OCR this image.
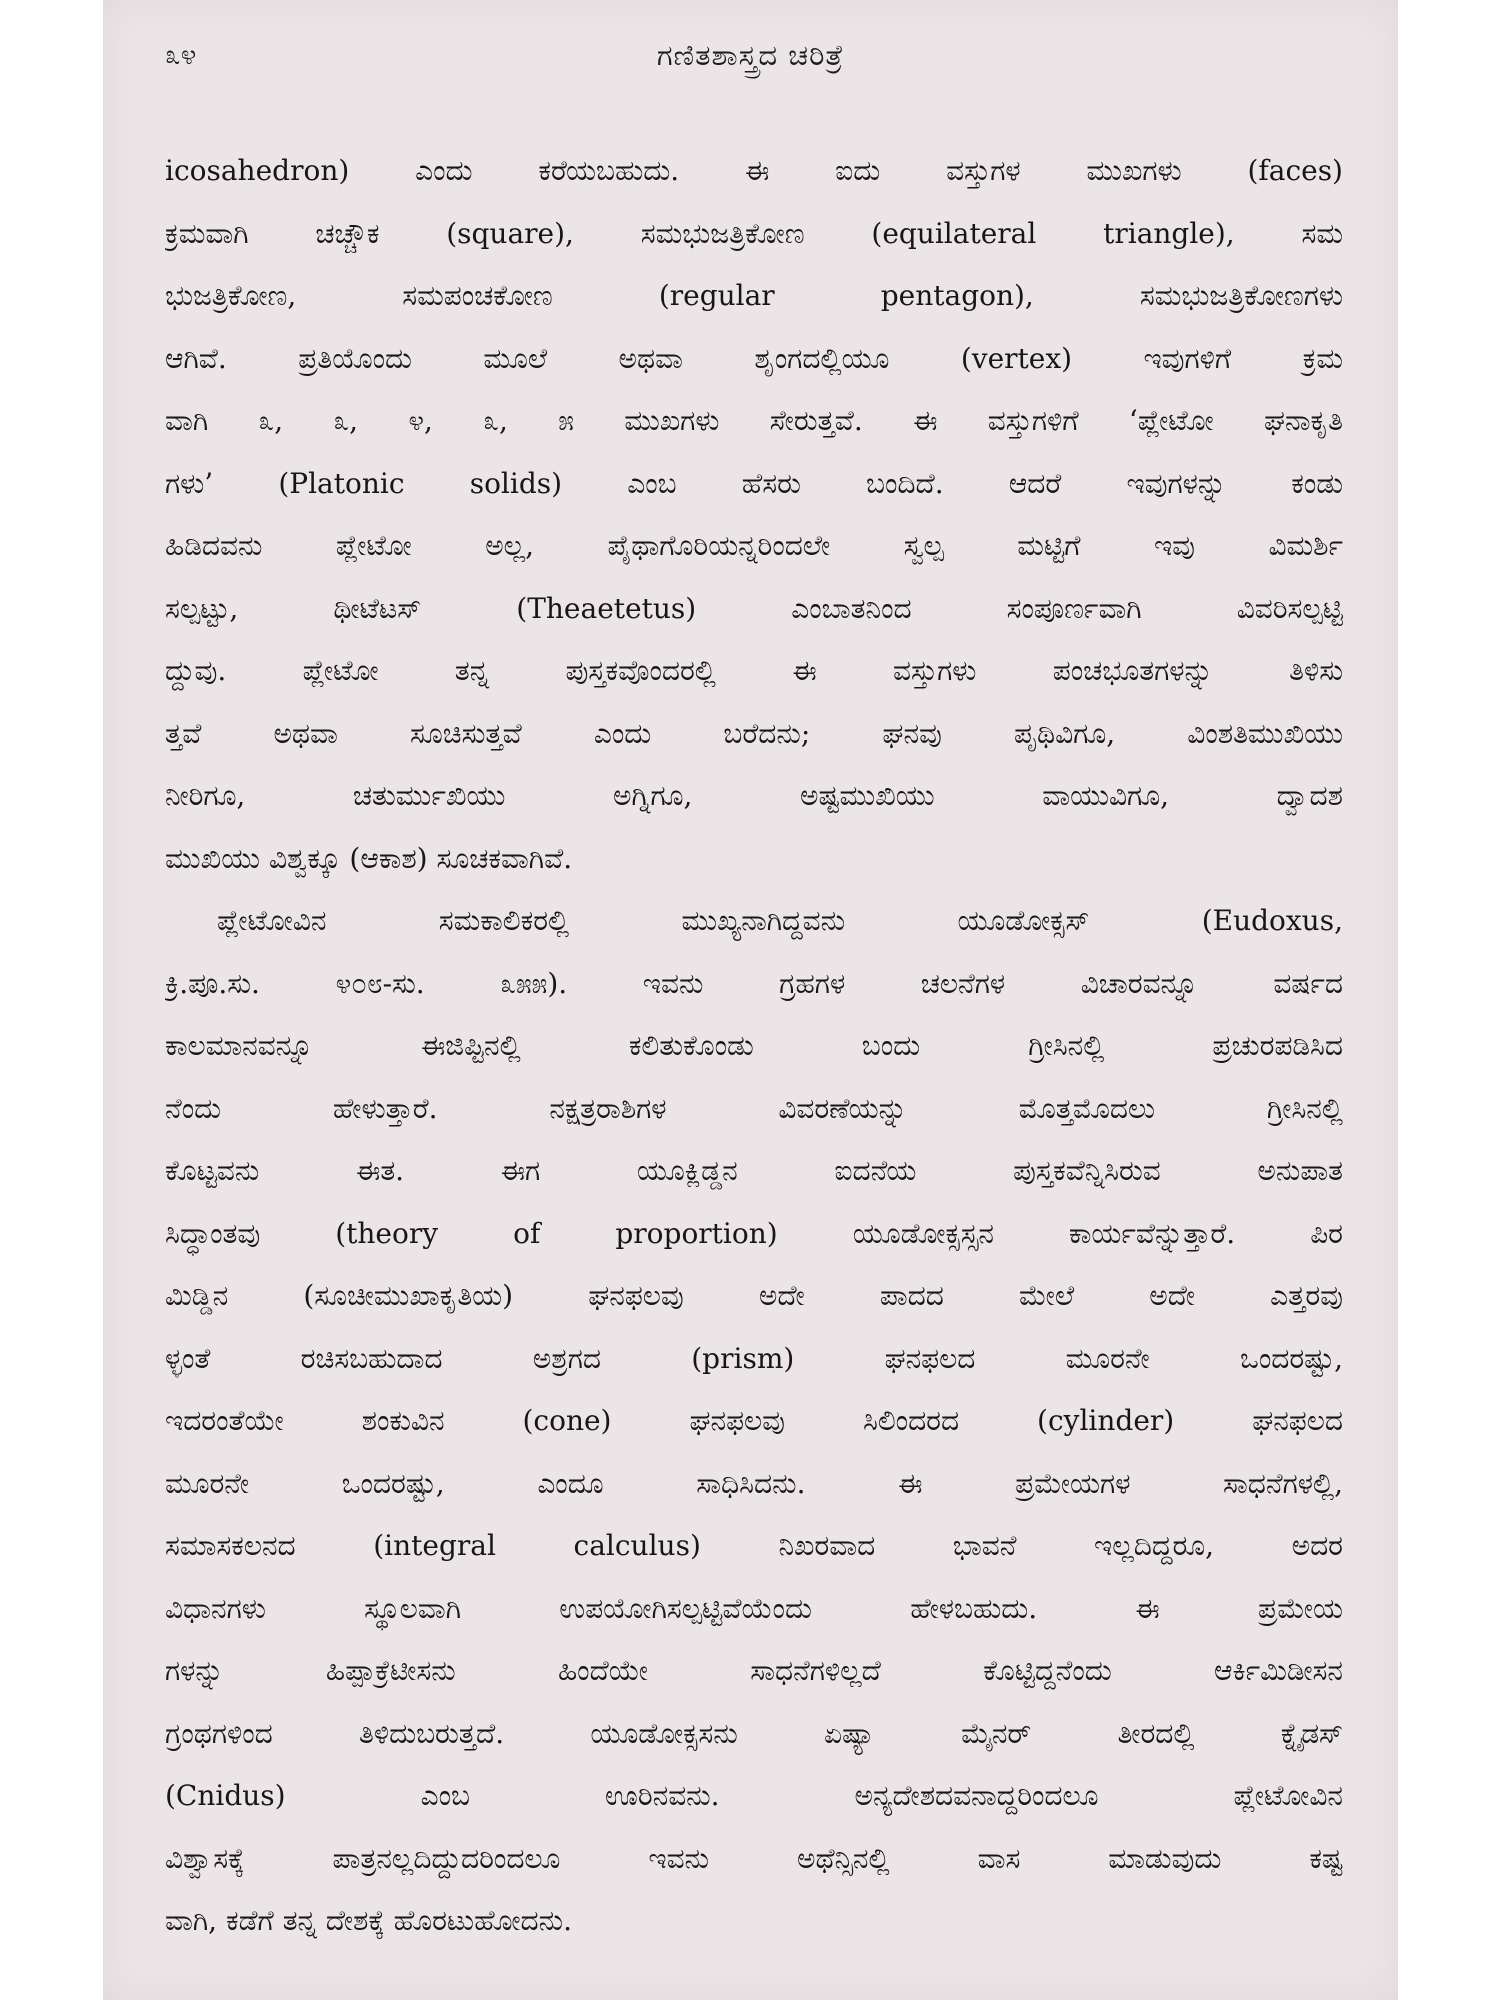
೩೪	ಗಣಿತಶಾಸ್ತ್ರದ ಚರಿತ್ರೆ
icosahedron) ಎಂದು ಕರೆಯಬಹುದು. ಈ ಐದು ವಸ್ತುಗಳ ಮುಖಗಳು (faces)
ಕ್ರಮವಾಗಿ ಚಚ್ಚೌಕ (square), ಸಮಭುಜತ್ರಿಕೋಣ (equilateral triangle), ಸಮ
ಭುಜತ್ರಿಕೋಣ, ಸಮಪಂಚಕೋಣ (regular pentagon), ಸಮಭುಜತ್ರಿಕೋಣಗಳು
ಆಗಿವೆ. ಪ್ರತಿಯೊಂದು ಮೂಲೆ ಅಥವಾ ಶೃಂಗದಲ್ಲಿಯೂ (vertex) ಇವುಗಳಿಗೆ ಕ್ರಮ
ವಾಗಿ ೩, ೩, ೪, ೩, ೫ ಮುಖಗಳು ಸೇರುತ್ತವೆ. ಈ ವಸ್ತುಗಳಿಗೆ ‘ಪ್ಲೇಟೋ ಘನಾಕೃತಿ
ಗಳು’ (Platonic solids) ಎಂಬ ಹೆಸರು ಬಂದಿದೆ. ಆದರೆ ಇವುಗಳನ್ನು ಕಂಡು
ಹಿಡಿದವನು ಪ್ಲೇಟೋ ಅಲ್ಲ, ಪೈಥಾಗೊರಿಯನ್ನರಿಂದಲೇ ಸ್ವಲ್ಪ ಮಟ್ಟಿಗೆ ಇವು ವಿಮರ್ಶಿ
ಸಲ್ಪಟ್ಟು, ಥೀಟೆಟಸ್ (Theaetetus) ಎಂಬಾತನಿಂದ ಸಂಪೂರ್ಣವಾಗಿ ವಿವರಿಸಲ್ಪಟ್ಟಿ
ದ್ದುವು. ಪ್ಲೇಟೋ ತನ್ನ ಪುಸ್ತಕವೊಂದರಲ್ಲಿ ಈ ವಸ್ತುಗಳು ಪಂಚಭೂತಗಳನ್ನು ತಿಳಿಸು
ತ್ತವೆ ಅಥವಾ ಸೂಚಿಸುತ್ತವೆ ಎಂದು ಬರೆದನು; ಘನವು ಪೃಥಿವಿಗೂ, ವಿಂಶತಿಮುಖಿಯು
ನೀರಿಗೂ, ಚತುರ್ಮುಖಿಯು ಅಗ್ನಿಗೂ, ಅಷ್ಟಮುಖಿಯು ವಾಯುವಿಗೂ, ದ್ವಾದಶ
ಮುಖಿಯು ವಿಶ್ವಕ್ಕೂ (ಆಕಾಶ) ಸೂಚಕವಾಗಿವೆ.
ಪ್ಲೇಟೋವಿನ ಸಮಕಾಲಿಕರಲ್ಲಿ ಮುಖ್ಯನಾಗಿದ್ದವನು ಯೂಡೋಕ್ಸಸ್ (Eudoxus,
ಕ್ರಿ.ಪೂ.ಸು. ೪೦೮-ಸು. ೩೫೫). ಇವನು ಗ್ರಹಗಳ ಚಲನೆಗಳ ವಿಚಾರವನ್ನೂ ವರ್ಷದ
ಕಾಲಮಾನವನ್ನೂ ಈಜಿಪ್ಟಿನಲ್ಲಿ ಕಲಿತುಕೊಂಡು ಬಂದು ಗ್ರೀಸಿನಲ್ಲಿ ಪ್ರಚುರಪಡಿಸಿದ
ನೆಂದು ಹೇಳುತ್ತಾರೆ. ನಕ್ಷತ್ರರಾಶಿಗಳ ವಿವರಣೆಯನ್ನು ಮೊತ್ತಮೊದಲು ಗ್ರೀಸಿನಲ್ಲಿ
ಕೊಟ್ಟವನು ಈತ. ಈಗ ಯೂಕ್ಲಿಡ್ಡನ ಐದನೆಯ ಪುಸ್ತಕವೆನ್ನಿಸಿರುವ ಅನುಪಾತ
ಸಿದ್ಧಾಂತವು (theory of proportion) ಯೂಡೋಕ್ಸಸ್ಸನ ಕಾರ್ಯವೆನ್ನುತ್ತಾರೆ. ಪಿರ
ಮಿಡ್ಡಿನ (ಸೂಚೀಮುಖಾಕೃತಿಯ) ಘನಫಲವು ಅದೇ ಪಾದದ ಮೇಲೆ ಅದೇ ಎತ್ತರವು
ಳ್ಳಂತೆ ರಚಿಸಬಹುದಾದ ಅಶ್ರಗದ (prism) ಘನಫಲದ ಮೂರನೇ ಒಂದರಷ್ಟು,
ಇದರಂತೆಯೇ ಶಂಕುವಿನ (cone) ಘನಫಲವು ಸಿಲಿಂದರದ (cylinder) ಘನಫಲದ
ಮೂರನೇ ಒಂದರಷ್ಟು, ಎಂದೂ ಸಾಧಿಸಿದನು. ಈ ಪ್ರಮೇಯಗಳ ಸಾಧನೆಗಳಲ್ಲಿ,
ಸಮಾಸಕಲನದ (integral calculus) ನಿಖರವಾದ ಭಾವನೆ ಇಲ್ಲದಿದ್ದರೂ, ಅದರ
ವಿಧಾನಗಳು ಸ್ಥೂಲವಾಗಿ ಉಪಯೋಗಿಸಲ್ಪಟ್ಟಿವೆಯೆಂದು ಹೇಳಬಹುದು. ಈ ಪ್ರಮೇಯ
ಗಳನ್ನು ಹಿಪ್ಪಾಕ್ರೆಟೀಸನು ಹಿಂದೆಯೇ ಸಾಧನೆಗಳಿಲ್ಲದೆ ಕೊಟ್ಟಿದ್ದನೆಂದು ಆರ್ಕಿಮಿಡೀಸನ
ಗ್ರಂಥಗಳಿಂದ ತಿಳಿದುಬರುತ್ತದೆ. ಯೂಡೋಕ್ಸಸನು ಏಷ್ಯಾ ಮೈನರ್ ತೀರದಲ್ಲಿ ಕ್ನೈಡಸ್
(Cnidus) ಎಂಬ ಊರಿನವನು. ಅನ್ಯದೇಶದವನಾದ್ದರಿಂದಲೂ ಪ್ಲೇಟೋವಿನ
ವಿಶ್ವಾಸಕ್ಕೆ ಪಾತ್ರನಲ್ಲದಿದ್ದುದರಿಂದಲೂ ಇವನು ಅಥೆನ್ಸಿನಲ್ಲಿ ವಾಸ ಮಾಡುವುದು ಕಷ್ಟ
ವಾಗಿ, ಕಡೆಗೆ ತನ್ನ ದೇಶಕ್ಕೆ ಹೊರಟುಹೋದನು.
